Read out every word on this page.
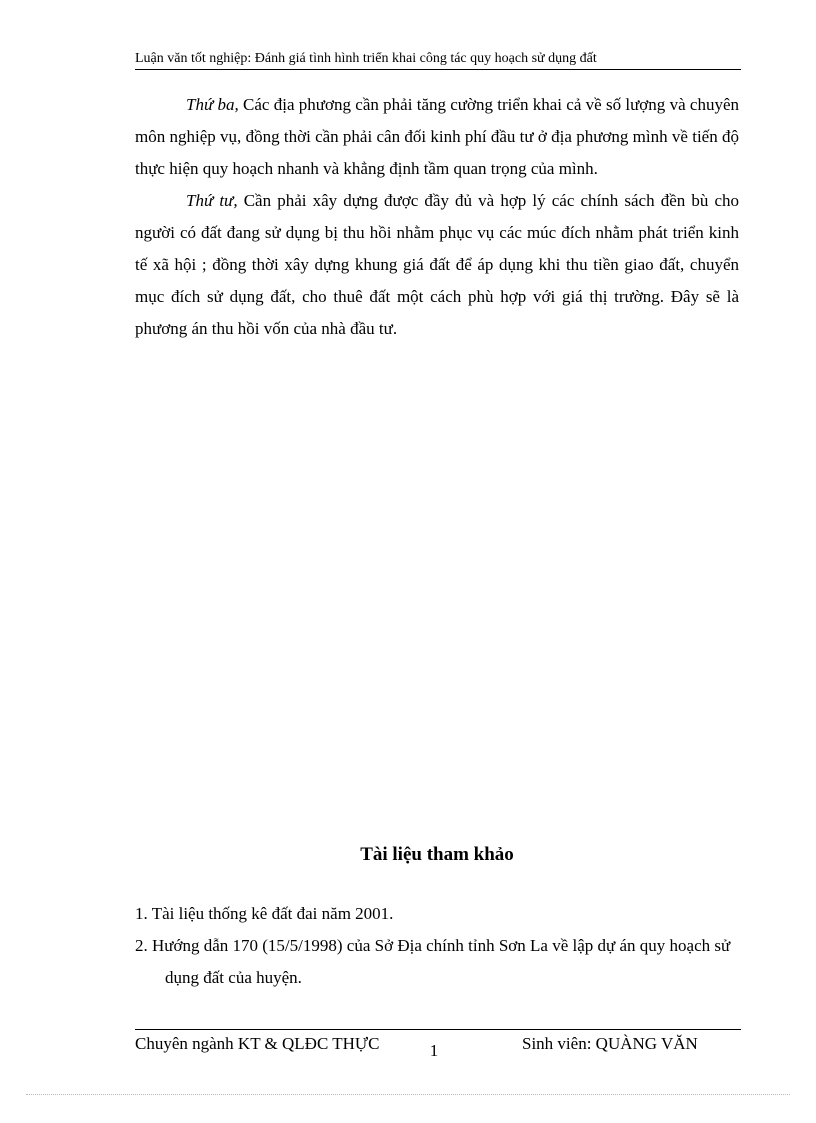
Luận văn tốt nghiệp: Đánh giá tình hình triển khai công tác quy hoạch sử dụng đất

Thứ ba, Các địa phương cần phải tăng cường triển khai cả về số lượng và chuyên môn nghiệp vụ, đồng thời cần phải cân đối kinh phí đầu tư ở địa phương mình về tiến độ thực hiện quy hoạch nhanh và khẳng định tầm quan trọng của mình.

Thứ tư, Cần phải xây dựng được đầy đủ và hợp lý các chính sách đền bù cho người có đất đang sử dụng bị thu hồi nhằm phục vụ các múc đích nhằm phát triển kinh tế xã hội ; đồng thời xây dựng khung giá đất để áp dụng khi thu tiền giao đất, chuyển mục đích sử dụng đất, cho thuê đất một cách phù hợp với giá thị trường. Đây sẽ là phương án thu hồi vốn của nhà đầu tư.

Tài liệu tham khảo
1. Tài liệu thống kê đất đai năm 2001.
2. Hướng dẫn 170 (15/5/1998) của Sở Địa chính tỉnh Sơn La về lập dự án quy hoạch sử dụng đất của huyện.
Chuyên ngành KT & QLĐC THỰC	1	Sinh viên: QUÀNG VĂN
